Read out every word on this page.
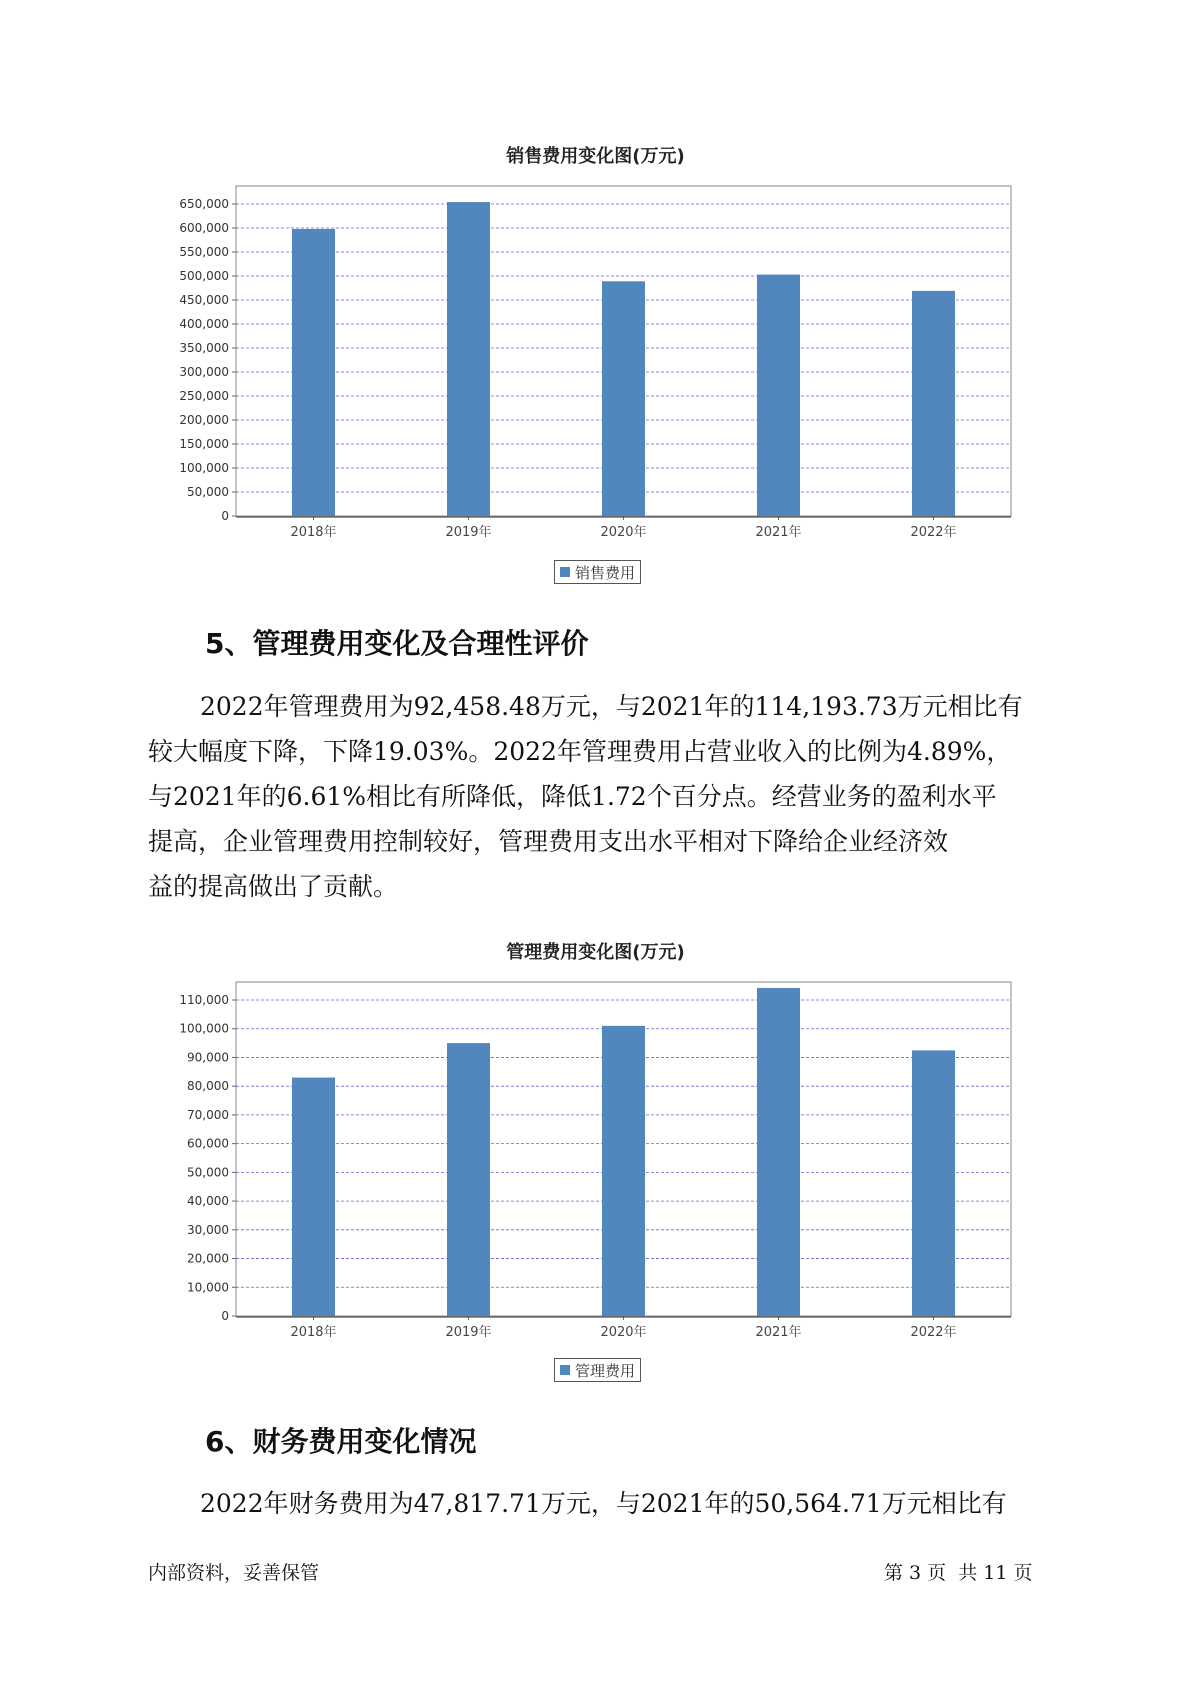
销售费用变化图(万元)
0
50,000
100,000
150,000
200,000
250,000
300,000
350,000
400,000
450,000
500,000
550,000
600,000
650,000
2018年	2019年	2020年	2021年	2022年
销售费用
5、管理费用变化及合理性评价
2022年管理费用为92,458.48万元，与2021年的114,193.73万元相比有
较大幅度下降，下降19.03%。2022年管理费用占营业收入的比例为4.89%，
与2021年的6.61%相比有所降低，降低1.72个百分点。经营业务的盈利水平
提高，企业管理费用控制较好，管理费用支出水平相对下降给企业经济效
益的提高做出了贡献。
管理费用变化图(万元)
0
10,000
20,000
30,000
40,000
50,000
60,000
70,000
80,000
90,000
100,000
110,000
2018年	2019年	2020年	2021年	2022年
管理费用
6、财务费用变化情况
2022年财务费用为47,817.71万元，与2021年的50,564.71万元相比有
内部资料，妥善保管	第 3 页  共 11 页
